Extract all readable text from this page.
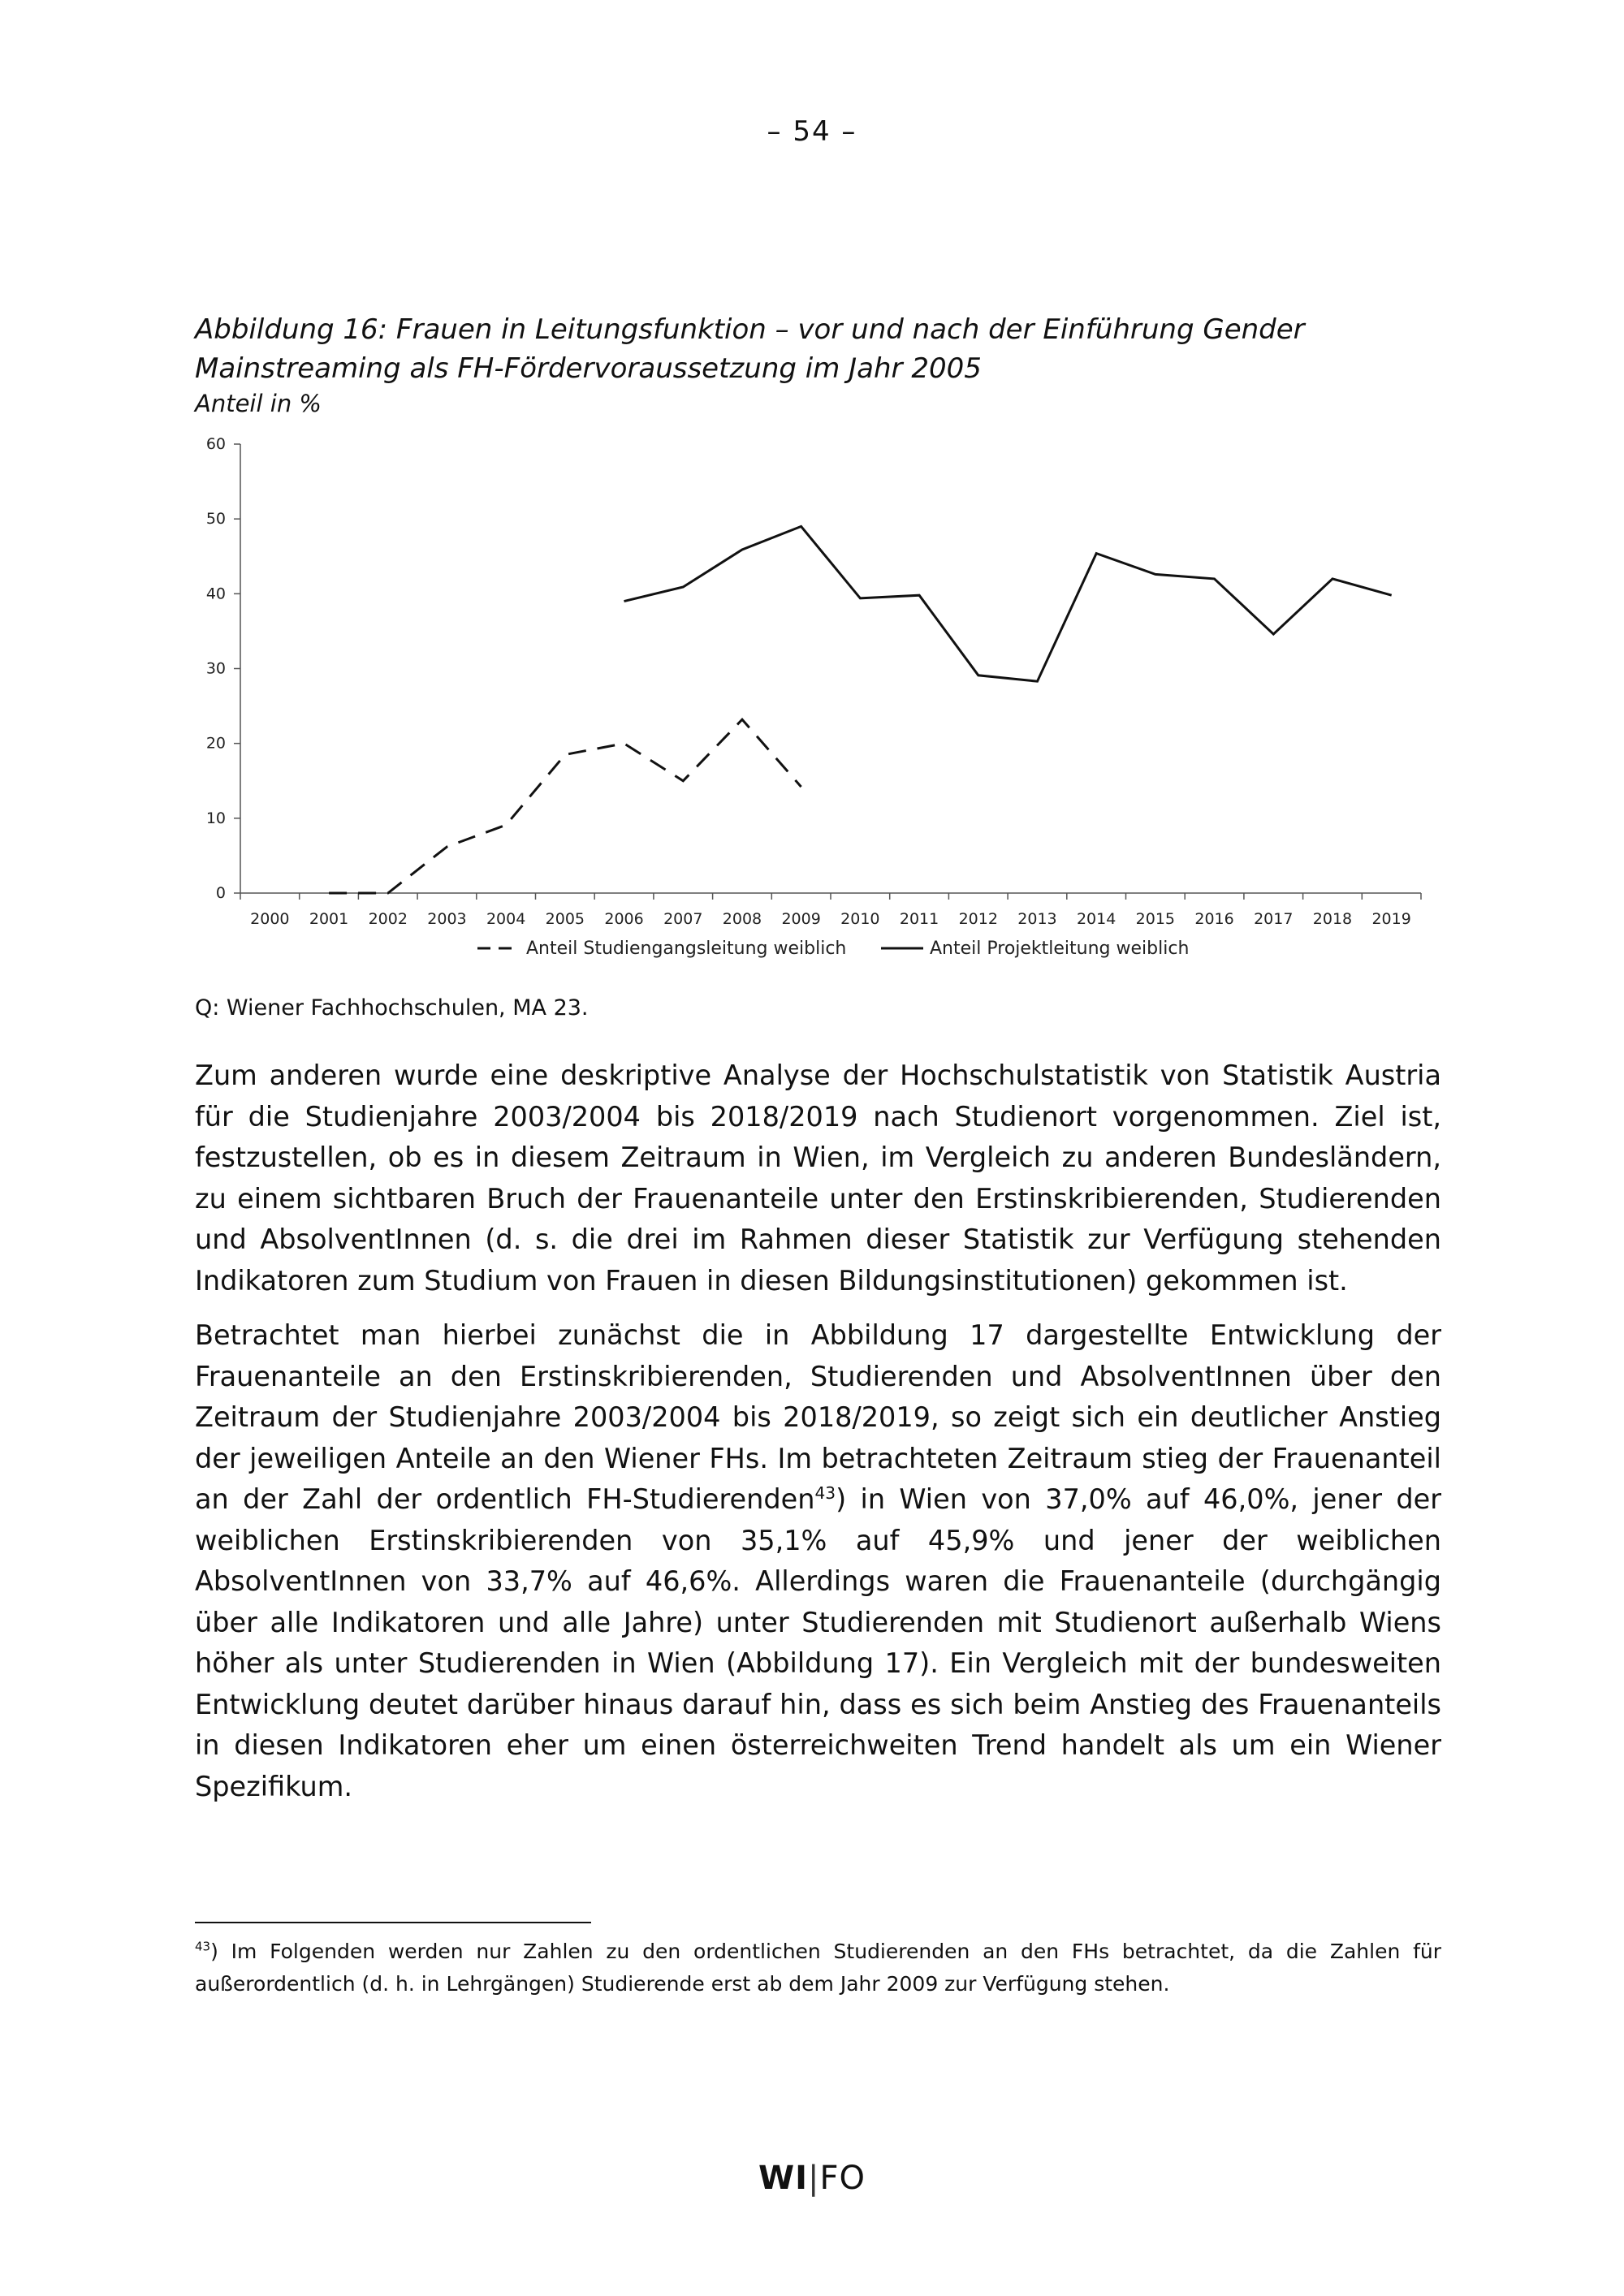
– 54 –
Abbildung 16: Frauen in Leitungsfunktion – vor und nach der Einführung Gender
Mainstreaming als FH-Fördervoraussetzung im Jahr 2005
Anteil in %
0
10
20
30
40
50
60
2000 2001 2002 2003 2004 2005 2006 2007 2008 2009 2010 2011 2012 2013 2014 2015 2016 2017 2018 2019
Anteil Studiengangsleitung weiblich	Anteil Projektleitung weiblich
Q: Wiener Fachhochschulen, MA 23.

Zum anderen wurde eine deskriptive Analyse der Hochschulstatistik von Statistik Austria für die Studienjahre 2003/2004 bis 2018/2019 nach Studienort vorgenommen. Ziel ist, festzustellen, ob es in diesem Zeitraum in Wien, im Vergleich zu anderen Bundesländern, zu einem sichtbaren Bruch der Frauenanteile unter den Erstinskribierenden, Studierenden und AbsolventInnen (d. s. die drei im Rahmen dieser Statistik zur Verfügung stehenden Indikatoren zum Studium von Frauen in diesen Bildungsinstitutionen) gekommen ist.

Betrachtet man hierbei zunächst die in Abbildung 17 dargestellte Entwicklung der Frauenanteile an den Erstinskribierenden, Studierenden und AbsolventInnen über den Zeitraum der Studienjahre 2003/2004 bis 2018/2019, so zeigt sich ein deutlicher Anstieg der jeweiligen Anteile an den Wiener FHs. Im betrachteten Zeitraum stieg der Frauenanteil an der Zahl der ordentlich FH-Studierenden$^{43}$) in Wien von 37,0% auf 46,0%, jener der weiblichen Erstinskribierenden von 35,1% auf 45,9% und jener der weiblichen AbsolventInnen von 33,7% auf 46,6%. Allerdings waren die Frauenanteile (durchgängig über alle Indikatoren und alle Jahre) unter Studierenden mit Studienort außerhalb Wiens höher als unter Studierenden in Wien (Abbildung 17). Ein Vergleich mit der bundesweiten Entwicklung deutet darüber hinaus darauf hin, dass es sich beim Anstieg des Frauenanteils in diesen Indikatoren eher um einen österreichweiten Trend handelt als um ein Wiener Spezifikum.

$^{43}$) Im Folgenden werden nur Zahlen zu den ordentlichen Studierenden an den FHs betrachtet, da die Zahlen für außerordentlich (d. h. in Lehrgängen) Studierende erst ab dem Jahr 2009 zur Verfügung stehen.

WI|FO
